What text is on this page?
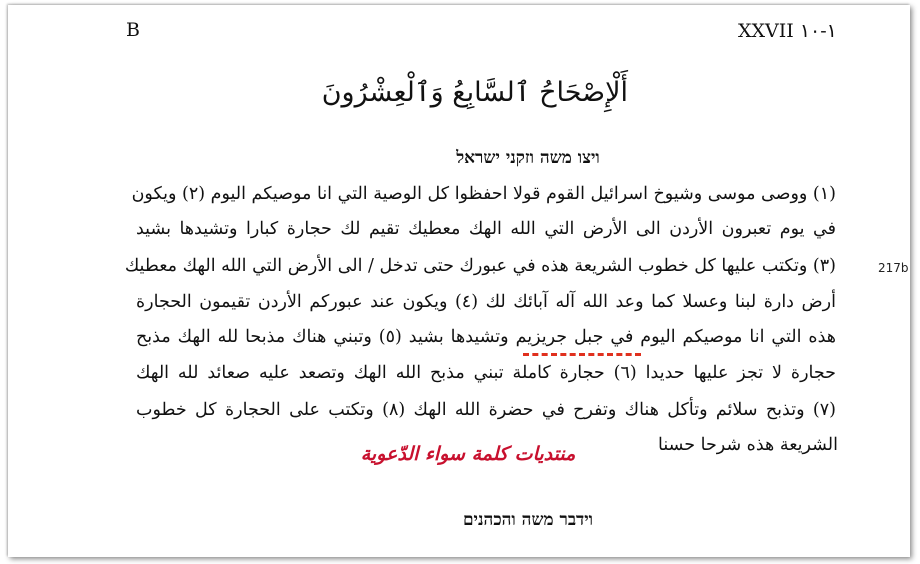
B	XXVII ١-١٠
أَلْإِصْحَاحُ ٱلسَّابِعُ وَٱلْعِشْرُونَ
ויצו משה וזקני ישראל
(١) ووصى موسى وشيوخ اسرائيل القوم قولا احفظوا كل الوصية التي انا موصيكم اليوم (٢) ويكون
في يوم تعبرون الأردن الى الأرض التي الله الهك معطيك تقيم لك حجارة كبارا وتشيدها بشيد
(٣) وتكتب عليها كل خطوب الشريعة هذه في عبورك حتى تدخل / الى الأرض التي الله الهك معطيك
أرض دارة لبنا وعسلا كما وعد الله آله آبائك لك (٤) ويكون عند عبوركم الأردن تقيمون الحجارة
هذه التي انا موصيكم اليوم في جبل جريزيم وتشيدها بشيد (٥) وتبني هناك مذبحا لله الهك مذبح
حجارة لا تجز عليها حديدا (٦) حجارة كاملة تبني مذبح الله الهك وتصعد عليه صعائد لله الهك
(٧) وتذبح سلائم وتأكل هناك وتفرح في حضرة الله الهك (٨) وتكتب على الحجارة كل خطوب
الشريعة هذه شرحا حسنا
217b
منتديات كلمة سواء الدّعوية
וידבר משה והכהנים
